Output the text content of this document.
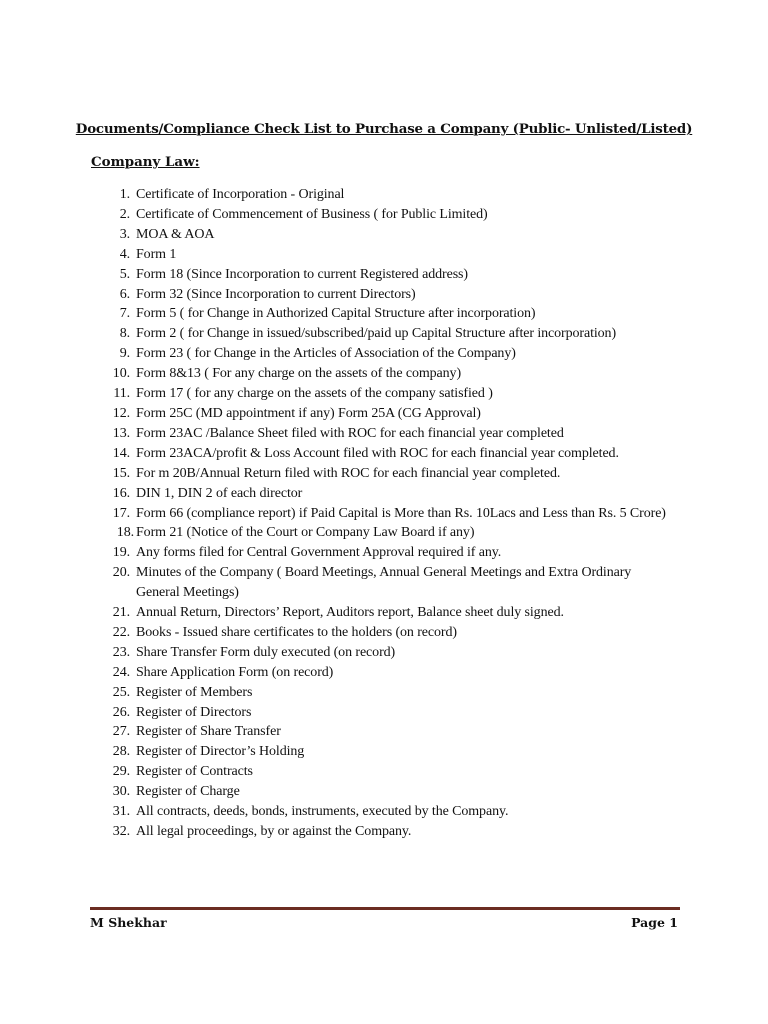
Documents/Compliance Check List to Purchase a Company (Public- Unlisted/Listed)
Company Law:
1. Certificate of Incorporation - Original
2. Certificate of Commencement of Business ( for Public Limited)
3. MOA & AOA
4. Form 1
5. Form 18 (Since Incorporation to current Registered address)
6. Form 32 (Since Incorporation to current Directors)
7. Form 5 ( for Change in Authorized Capital Structure after incorporation)
8. Form 2 ( for Change in issued/subscribed/paid up Capital Structure after incorporation)
9. Form 23 ( for Change in the Articles of Association of the Company)
10. Form 8&13 ( For any charge on the assets of the company)
11. Form 17 ( for any charge on the assets of the company satisfied )
12. Form 25C (MD appointment if any) Form 25A (CG Approval)
13. Form 23AC /Balance Sheet filed with ROC for each financial year completed
14. Form 23ACA/profit & Loss Account filed with ROC for each financial year completed.
15. For m 20B/Annual Return filed with ROC for each financial year completed.
16. DIN 1, DIN 2 of each director
17. Form 66 (compliance report) if Paid Capital is More than Rs. 10Lacs and Less than Rs. 5 Crore)
18. Form 21 (Notice of the Court or Company Law Board if any)
19. Any forms filed for Central Government Approval required if any.
20. Minutes of the Company ( Board Meetings, Annual General Meetings and Extra Ordinary General Meetings)
21. Annual Return, Directors’ Report, Auditors report, Balance sheet duly signed.
22. Books - Issued share certificates to the holders (on record)
23. Share Transfer Form duly executed (on record)
24. Share Application Form (on record)
25. Register of Members
26. Register of Directors
27. Register of Share Transfer
28. Register of Director’s Holding
29. Register of Contracts
30. Register of Charge
31. All contracts, deeds, bonds, instruments, executed by the Company.
32. All legal proceedings, by or against the Company.
M Shekhar	Page 1
